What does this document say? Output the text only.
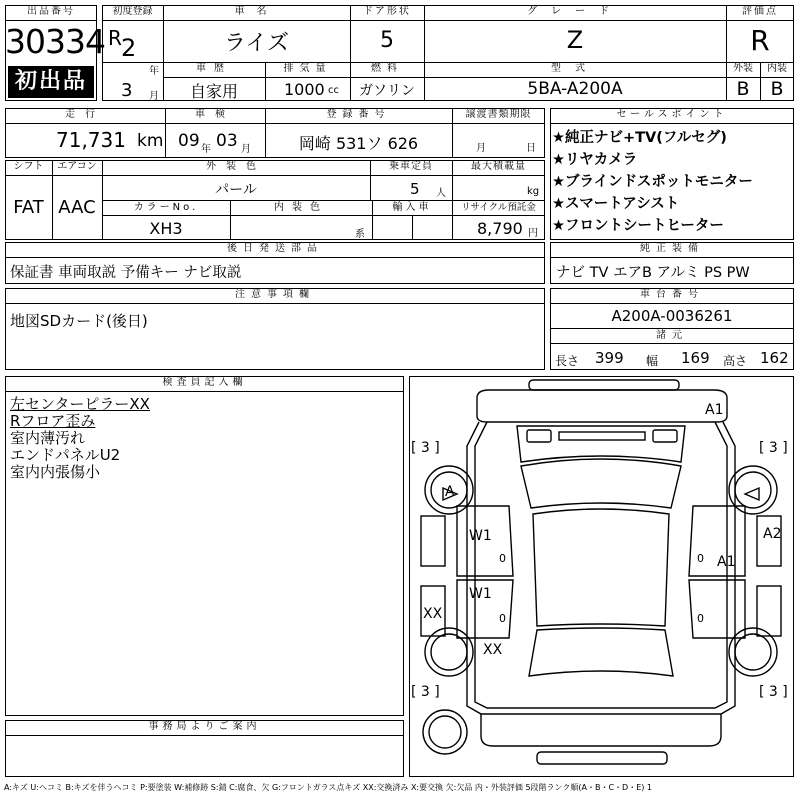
出品番号
30334
初出品
初度登録
R 2
年
3 月
車名
ライズ
ドア形状
5
グレード
Z
評価点
R
車歴
自家用
排気量
1000 cc
燃料
ガソリン
型式
5BA-A200A
外装
B
内装
B
走行
71,731 km
車検
09 年 03 月
登録番号
岡崎 531ソ 626
譲渡書類期限
月	日
シフト
FAT
エアコン
AAC
外装色
パール
乗車定員
5 人
最大積載量
kg
カラーNo.
XH3
内装色
系
輸入車	リサイクル預託金
8,790 円
セールスポイント
★純正ナビ+TV(フルセグ)
★リヤカメラ
★ブラインドスポットモニター
★スマートアシスト
★フロントシートヒーター
後日発送部品
保証書 車両取説 予備キー ナビ取説
純正装備
ナビ TV エアB アルミ PS PW
注意事項欄
地図SDカード(後日)
車台番号
A200A-0036261
諸元
長さ 399 幅 169 高さ 162
検査員記入欄
左センターピラーXX
Rフロア歪み
室内薄汚れ
エンドパネルU2
室内内張傷小
事務局よりご案内
[ 3 ]	[ 3 ]
[ 3 ]	[ 3 ]
A1
A
A2
W1
W1
A1
XX
XX
0
0
0
0
A:キズ U:ヘコミ B:キズを伴うヘコミ P:要塗装 W:補修跡 S:錆 C:腐食、欠 G:フロントガラス点キズ XX:交換済み X:要交換 欠:欠品 内・外装評価 5段階ランク順(A・B・C・D・E) 1
